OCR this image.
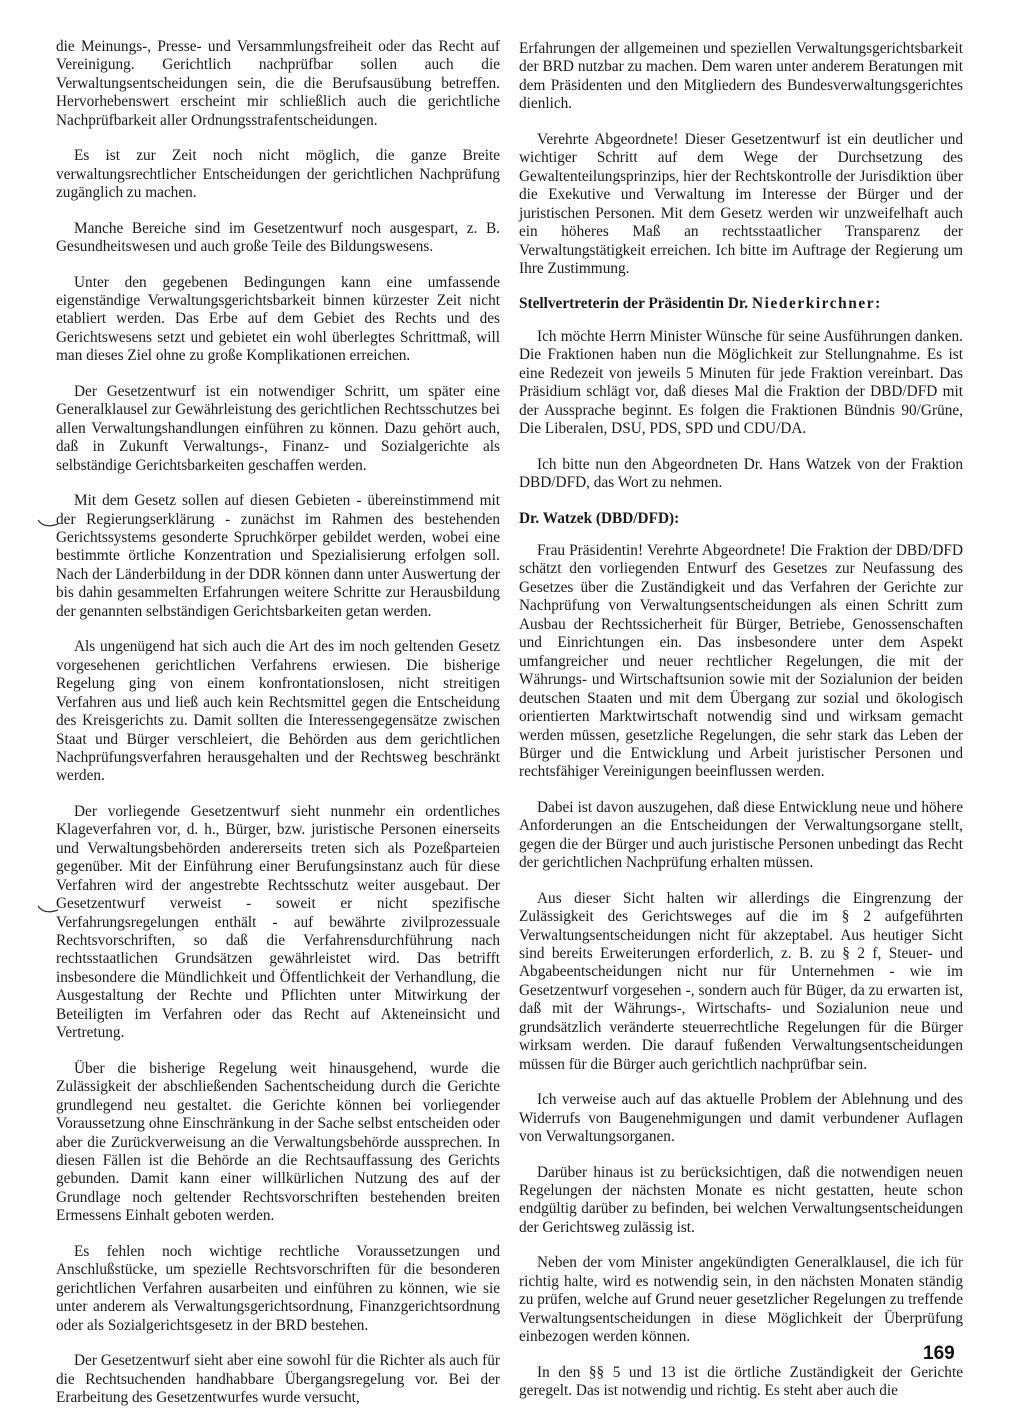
die Meinungs-, Presse- und Versammlungsfreiheit oder das Recht auf Vereinigung. Gerichtlich nachprüfbar sollen auch die Verwaltungsentscheidungen sein, die die Berufsausübung betreffen. Hervorhebenswert erscheint mir schließlich auch die gerichtliche Nachprüfbarkeit aller Ordnungsstrafentscheidungen.

Es ist zur Zeit noch nicht möglich, die ganze Breite verwaltungsrechtlicher Entscheidungen der gerichtlichen Nachprüfung zugänglich zu machen.

Manche Bereiche sind im Gesetzentwurf noch ausgespart, z. B. Gesundheitswesen und auch große Teile des Bildungswesens.

Unter den gegebenen Bedingungen kann eine umfassende eigenständige Verwaltungsgerichtsbarkeit binnen kürzester Zeit nicht etabliert werden. Das Erbe auf dem Gebiet des Rechts und des Gerichtswesens setzt und gebietet ein wohl überlegtes Schrittmaß, will man dieses Ziel ohne zu große Komplikationen erreichen.

Der Gesetzentwurf ist ein notwendiger Schritt, um später eine Generalklausel zur Gewährleistung des gerichtlichen Rechtsschutzes bei allen Verwaltungshandlungen einführen zu können. Dazu gehört auch, daß in Zukunft Verwaltungs-, Finanz- und Sozialgerichte als selbständige Gerichtsbarkeiten geschaffen werden.

Mit dem Gesetz sollen auf diesen Gebieten - übereinstimmend mit der Regierungserklärung - zunächst im Rahmen des bestehenden Gerichtssystems gesonderte Spruchkörper gebildet werden, wobei eine bestimmte örtliche Konzentration und Spezialisierung erfolgen soll. Nach der Länderbildung in der DDR können dann unter Auswertung der bis dahin gesammelten Erfahrungen weitere Schritte zur Herausbildung der genannten selbständigen Gerichtsbarkeiten getan werden.

Als ungenügend hat sich auch die Art des im noch geltenden Gesetz vorgesehenen gerichtlichen Verfahrens erwiesen. Die bisherige Regelung ging von einem konfrontationslosen, nicht streitigen Verfahren aus und ließ auch kein Rechtsmittel gegen die Entscheidung des Kreisgerichts zu. Damit sollten die Interessengegensätze zwischen Staat und Bürger verschleiert, die Behörden aus dem gerichtlichen Nachprüfungsverfahren herausgehalten und der Rechtsweg beschränkt werden.

Der vorliegende Gesetzentwurf sieht nunmehr ein ordentliches Klageverfahren vor, d. h., Bürger, bzw. juristische Personen einerseits und Verwaltungsbehörden andererseits treten sich als Pozeßparteien gegenüber. Mit der Einführung einer Berufungsinstanz auch für diese Verfahren wird der angestrebte Rechtsschutz weiter ausgebaut. Der Gesetzentwurf verweist - soweit er nicht spezifische Verfahrungsregelungen enthält - auf bewährte zivilprozessuale Rechtsvorschriften, so daß die Verfahrensdurchführung nach rechtsstaatlichen Grundsätzen gewährleistet wird. Das betrifft insbesondere die Mündlichkeit und Öffentlichkeit der Verhandlung, die Ausgestaltung der Rechte und Pflichten unter Mitwirkung der Beteiligten im Verfahren oder das Recht auf Akteneinsicht und Vertretung.

Über die bisherige Regelung weit hinausgehend, wurde die Zulässigkeit der abschließenden Sachentscheidung durch die Gerichte grundlegend neu gestaltet. die Gerichte können bei vorliegender Voraussetzung ohne Einschränkung in der Sache selbst entscheiden oder aber die Zurückverweisung an die Verwaltungsbehörde aussprechen. In diesen Fällen ist die Behörde an die Rechtsauffassung des Gerichts gebunden. Damit kann einer willkürlichen Nutzung des auf der Grundlage noch geltender Rechtsvorschriften bestehenden breiten Ermessens Einhalt geboten werden.

Es fehlen noch wichtige rechtliche Voraussetzungen und Anschlußstücke, um spezielle Rechtsvorschriften für die besonderen gerichtlichen Verfahren ausarbeiten und einführen zu können, wie sie unter anderem als Verwaltungsgerichtsordnung, Finanzgerichtsordnung oder als Sozialgerichtsgesetz in der BRD bestehen.

Der Gesetzentwurf sieht aber eine sowohl für die Richter als auch für die Rechtsuchenden handhabbare Übergangsregelung vor. Bei der Erarbeitung des Gesetzentwurfes wurde versucht,

Erfahrungen der allgemeinen und speziellen Verwaltungsgerichtsbarkeit der BRD nutzbar zu machen. Dem waren unter anderem Beratungen mit dem Präsidenten und den Mitgliedern des Bundesverwaltungsgerichtes dienlich.

Verehrte Abgeordnete! Dieser Gesetzentwurf ist ein deutlicher und wichtiger Schritt auf dem Wege der Durchsetzung des Gewaltenteilungsprinzips, hier der Rechtskontrolle der Jurisdiktion über die Exekutive und Verwaltung im Interesse der Bürger und der juristischen Personen. Mit dem Gesetz werden wir unzweifelhaft auch ein höheres Maß an rechtsstaatlicher Transparenz der Verwaltungstätigkeit erreichen. Ich bitte im Auftrage der Regierung um Ihre Zustimmung.

Stellvertreterin der Präsidentin Dr. Niederkirchner:

Ich möchte Herrn Minister Wünsche für seine Ausführungen danken. Die Fraktionen haben nun die Möglichkeit zur Stellungnahme. Es ist eine Redezeit von jeweils 5 Minuten für jede Fraktion vereinbart. Das Präsidium schlägt vor, daß dieses Mal die Fraktion der DBD/DFD mit der Aussprache beginnt. Es folgen die Fraktionen Bündnis 90/Grüne, Die Liberalen, DSU, PDS, SPD und CDU/DA.

Ich bitte nun den Abgeordneten Dr. Hans Watzek von der Fraktion DBD/DFD, das Wort zu nehmen.

Dr. Watzek (DBD/DFD):

Frau Präsidentin! Verehrte Abgeordnete! Die Fraktion der DBD/DFD schätzt den vorliegenden Entwurf des Gesetzes zur Neufassung des Gesetzes über die Zuständigkeit und das Verfahren der Gerichte zur Nachprüfung von Verwaltungsentscheidungen als einen Schritt zum Ausbau der Rechtssicherheit für Bürger, Betriebe, Genossenschaften und Einrichtungen ein. Das insbesondere unter dem Aspekt umfangreicher und neuer rechtlicher Regelungen, die mit der Währungs- und Wirtschaftsunion sowie mit der Sozialunion der beiden deutschen Staaten und mit dem Übergang zur sozial und ökologisch orientierten Marktwirtschaft notwendig sind und wirksam gemacht werden müssen, gesetzliche Regelungen, die sehr stark das Leben der Bürger und die Entwicklung und Arbeit juristischer Personen und rechtsfähiger Vereinigungen beeinflussen werden.

Dabei ist davon auszugehen, daß diese Entwicklung neue und höhere Anforderungen an die Entscheidungen der Verwaltungsorgane stellt, gegen die der Bürger und auch juristische Personen unbedingt das Recht der gerichtlichen Nachprüfung erhalten müssen.

Aus dieser Sicht halten wir allerdings die Eingrenzung der Zulässigkeit des Gerichtsweges auf die im § 2 aufgeführten Verwaltungsentscheidungen nicht für akzeptabel. Aus heutiger Sicht sind bereits Erweiterungen erforderlich, z. B. zu § 2 f, Steuer- und Abgabeentscheidungen nicht nur für Unternehmen - wie im Gesetzentwurf vorgesehen -, sondern auch für Büger, da zu erwarten ist, daß mit der Währungs-, Wirtschafts- und Sozialunion neue und grundsätzlich veränderte steuerrechtliche Regelungen für die Bürger wirksam werden. Die darauf fußenden Verwaltungsentscheidungen müssen für die Bürger auch gerichtlich nachprüfbar sein.

Ich verweise auch auf das aktuelle Problem der Ablehnung und des Widerrufs von Baugenehmigungen und damit verbundener Auflagen von Verwaltungsorganen.

Darüber hinaus ist zu berücksichtigen, daß die notwendigen neuen Regelungen der nächsten Monate es nicht gestatten, heute schon endgültig darüber zu befinden, bei welchen Verwaltungsentscheidungen der Gerichtsweg zulässig ist.

Neben der vom Minister angekündigten Generalklausel, die ich für richtig halte, wird es notwendig sein, in den nächsten Monaten ständig zu prüfen, welche auf Grund neuer gesetzlicher Regelungen zu treffende Verwaltungsentscheidungen in diese Möglichkeit der Überprüfung einbezogen werden können.

In den §§ 5 und 13 ist die örtliche Zuständigkeit der Gerichte geregelt. Das ist notwendig und richtig. Es steht aber auch die

169
